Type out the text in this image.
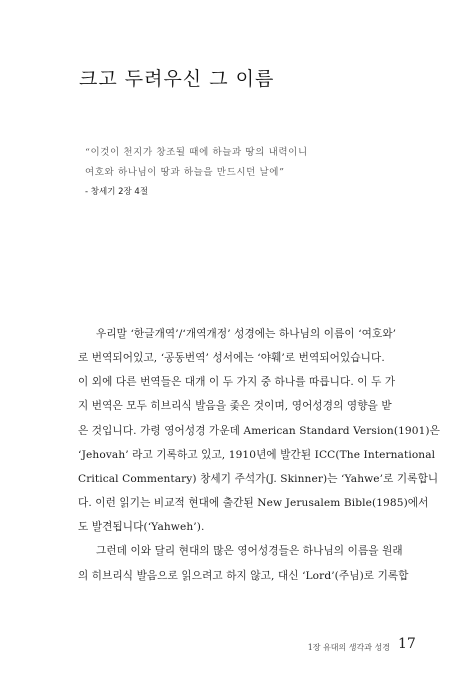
크고 두려우신 그 이름
“이것이 천지가 창조될 때에 하늘과 땅의 내력이니
여호와 하나님이 땅과 하늘을 만드시던 날에”
- 창세기 2장 4절
우리말 ‘한글개역’/‘개역개정’ 성경에는 하나님의 이름이 ‘여호와’
로 번역되어있고, ‘공동번역’ 성서에는 ‘야훼’로 번역되어있습니다.
이 외에 다른 번역들은 대개 이 두 가지 중 하나를 따릅니다. 이 두 가
지 번역은 모두 히브리식 발음을 좇은 것이며, 영어성경의 영향을 받
은 것입니다. 가령 영어성경 가운데 American Standard Version(1901)은
‘Jehovah’ 라고 기록하고 있고, 1910년에 발간된 ICC(The International
Critical Commentary) 창세기 주석가(J. Skinner)는 ‘Yahwe’로 기록합니
다. 이런 읽기는 비교적 현대에 출간된 New Jerusalem Bible(1985)에서
도 발견됩니다(‘Yahweh’).
그런데 이와 달리 현대의 많은 영어성경들은 하나님의 이름을 원래
의 히브리식 발음으로 읽으려고 하지 않고, 대신 ‘Lord’(주님)로 기록합
1장 유대의 생각과 성경 17
